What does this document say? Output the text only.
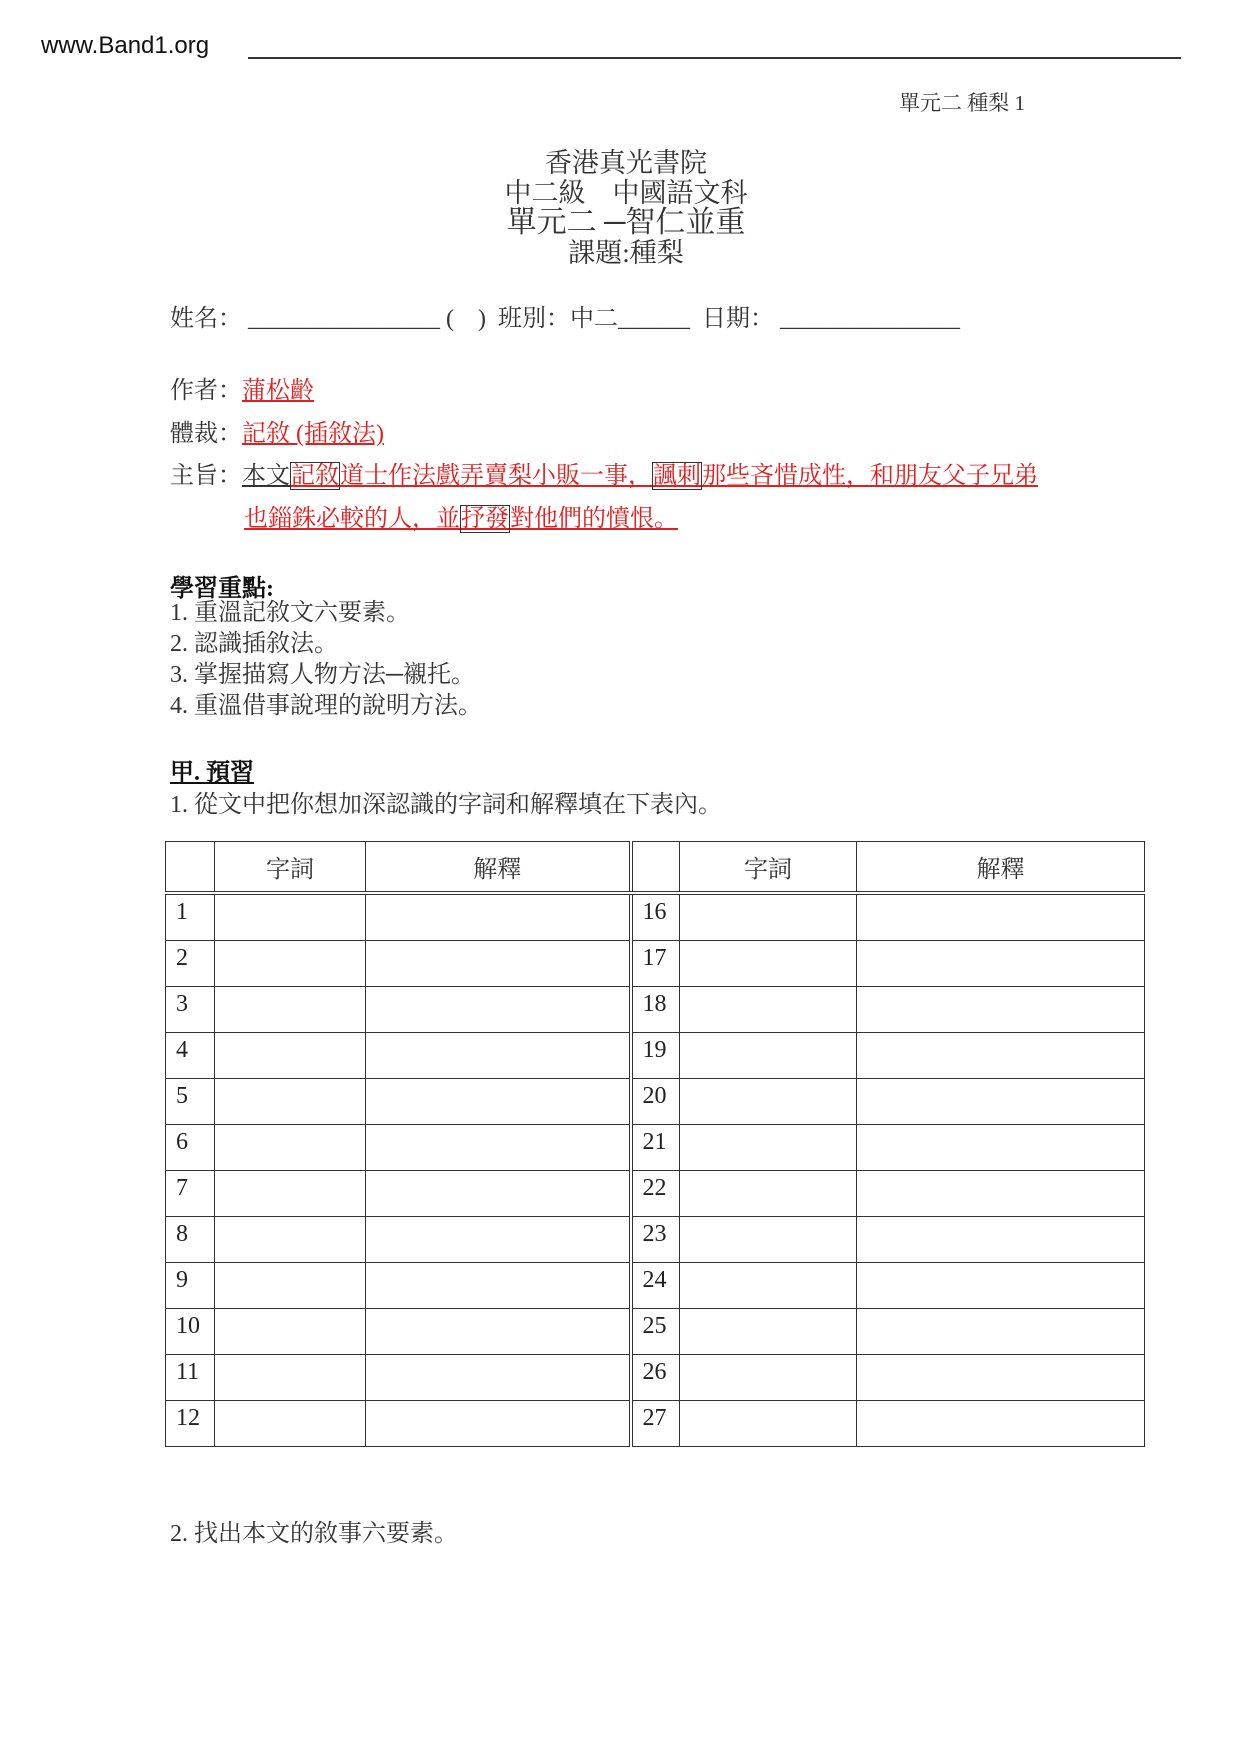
www.Band1.org
單元二 種梨 1
香港真光書院
中二級　中國語文科
單元二 ─智仁並重
課題:種梨
姓名： ________________ (　) 班別：中二______ 日期： _______________
作者：蒲松齡
體裁：記敘 (插敘法)
主旨：本文記敘道士作法戲弄賣梨小販一事，諷刺那些吝惜成性，和朋友父子兄弟
也錙銖必較的人，並抒發對他們的憤恨。
學習重點:
1. 重溫記敘文六要素。
2. 認識插敘法。
3. 掌握描寫人物方法─襯托。
4. 重溫借事說理的說明方法。
甲. 預習
1. 從文中把你想加深認識的字詞和解釋填在下表內。
	字詞	解釋		字詞	解釋
1			16		
2			17		
3			18		
4			19		
5			20		
6			21		
7			22		
8			23		
9			24		
10			25		
11			26		
12			27		
2. 找出本文的敘事六要素。
